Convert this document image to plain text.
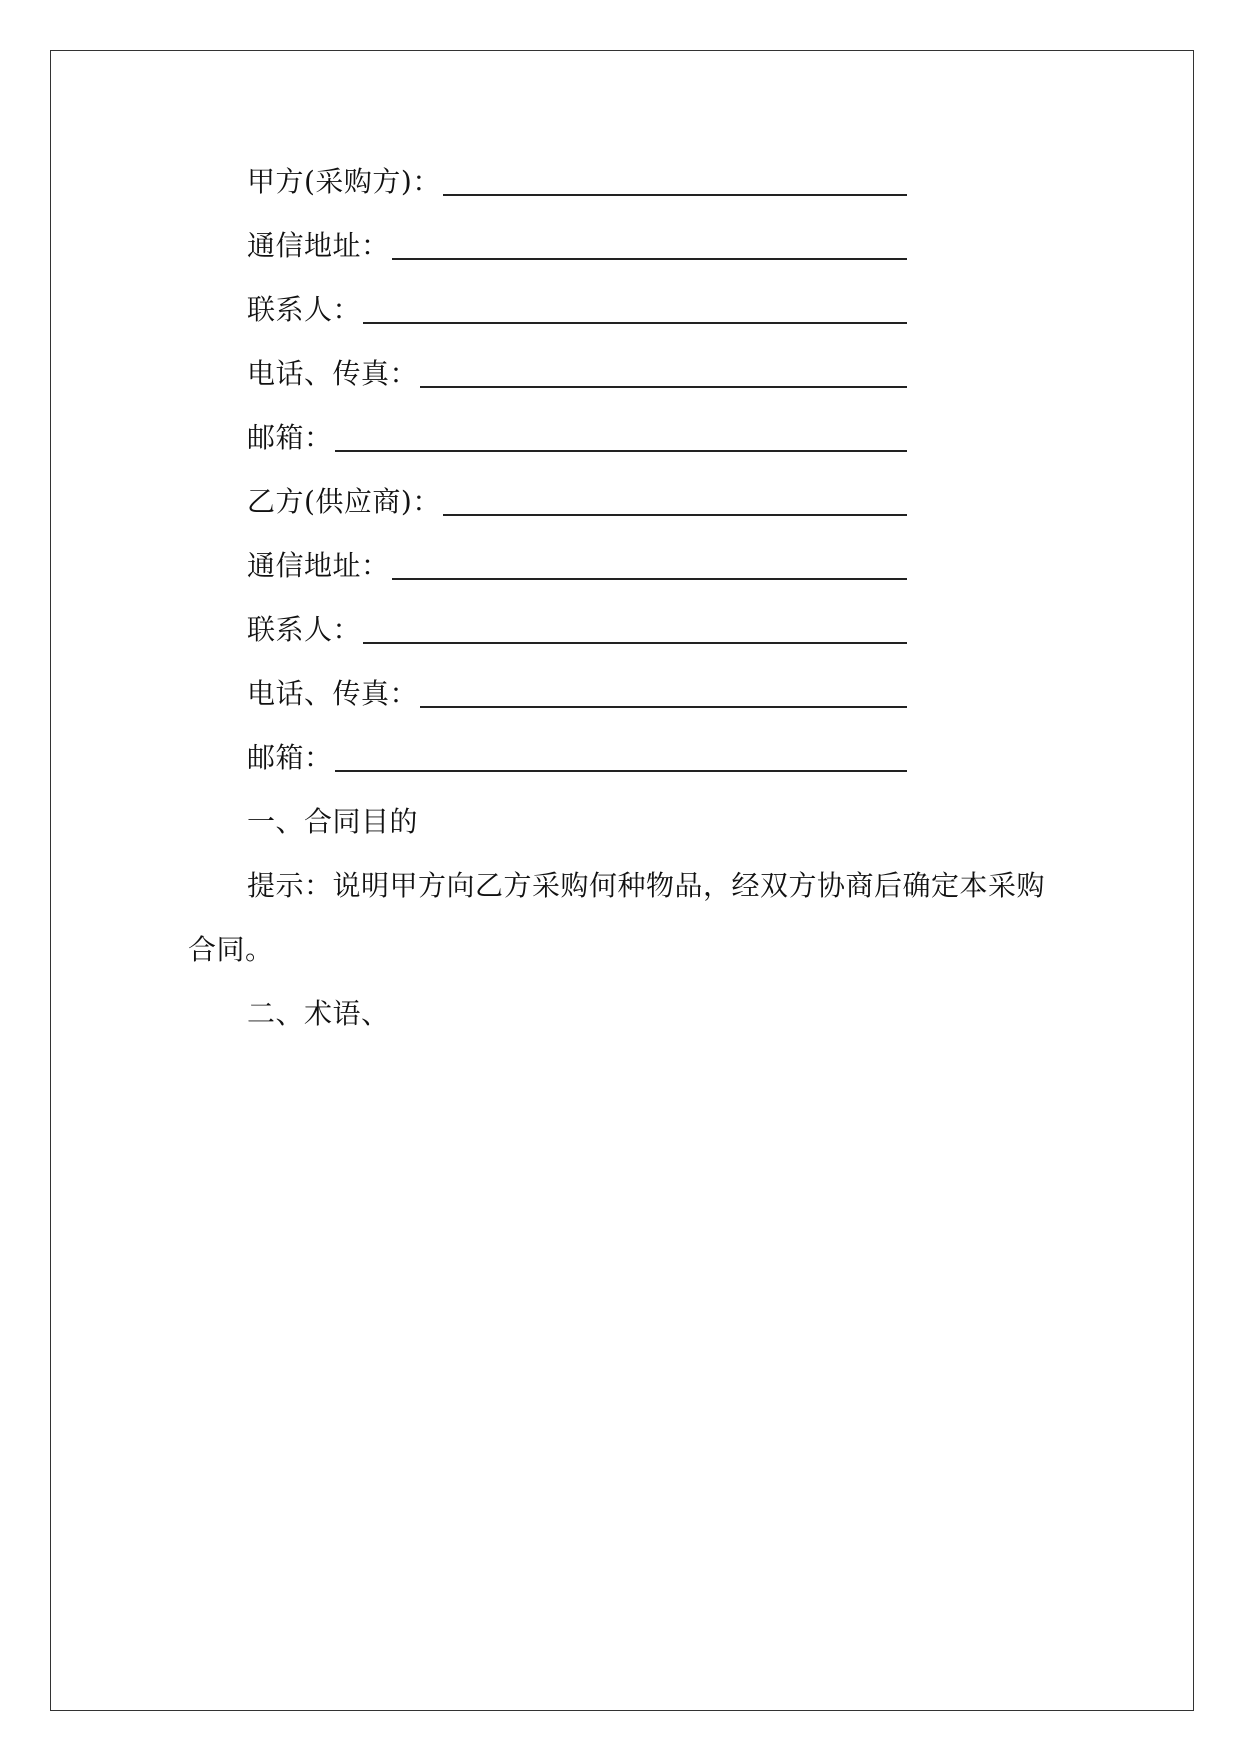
甲方(采购方)：
通信地址：
联系人：
电话、传真：
邮箱：
乙方(供应商)：
通信地址：
联系人：
电话、传真：
邮箱：
一、合同目的
提示：说明甲方向乙方采购何种物品，经双方协商后确定本采购
合同。
二、术语、
